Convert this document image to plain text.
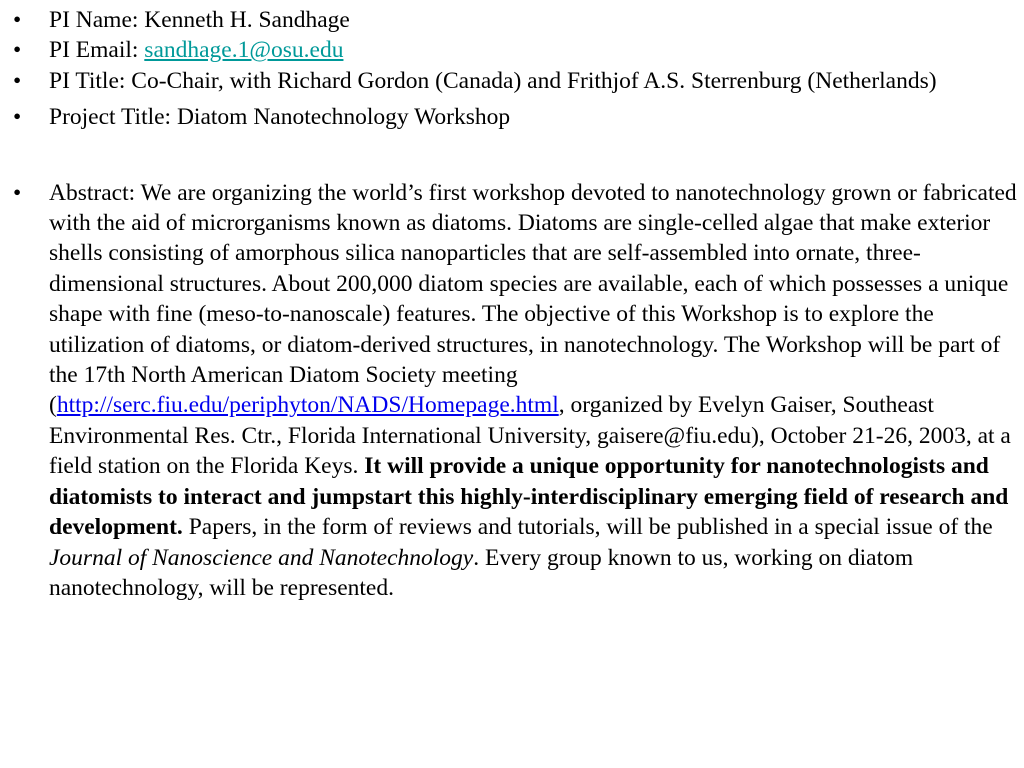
• PI Name: Kenneth H. Sandhage
• PI Email: sandhage.1@osu.edu
• PI Title: Co-Chair, with Richard Gordon (Canada) and Frithjof A.S. Sterrenburg (Netherlands)
• Project Title: Diatom Nanotechnology Workshop
• Abstract: We are organizing the world’s first workshop devoted to nanotechnology grown or fabricated with the aid of microrganisms known as diatoms. Diatoms are single-celled algae that make exterior shells consisting of amorphous silica nanoparticles that are self-assembled into ornate, three-dimensional structures. About 200,000 diatom species are available, each of which possesses a unique shape with fine (meso-to-nanoscale) features. The objective of this Workshop is to explore the utilization of diatoms, or diatom-derived structures, in nanotechnology. The Workshop will be part of the 17th North American Diatom Society meeting (http://serc.fiu.edu/periphyton/NADS/Homepage.html, organized by Evelyn Gaiser, Southeast Environmental Res. Ctr., Florida International University, gaisere@fiu.edu), October 21-26, 2003, at a field station on the Florida Keys. It will provide a unique opportunity for nanotechnologists and diatomists to interact and jumpstart this highly-interdisciplinary emerging field of research and development. Papers, in the form of reviews and tutorials, will be published in a special issue of the Journal of Nanoscience and Nanotechnology. Every group known to us, working on diatom nanotechnology, will be represented.
